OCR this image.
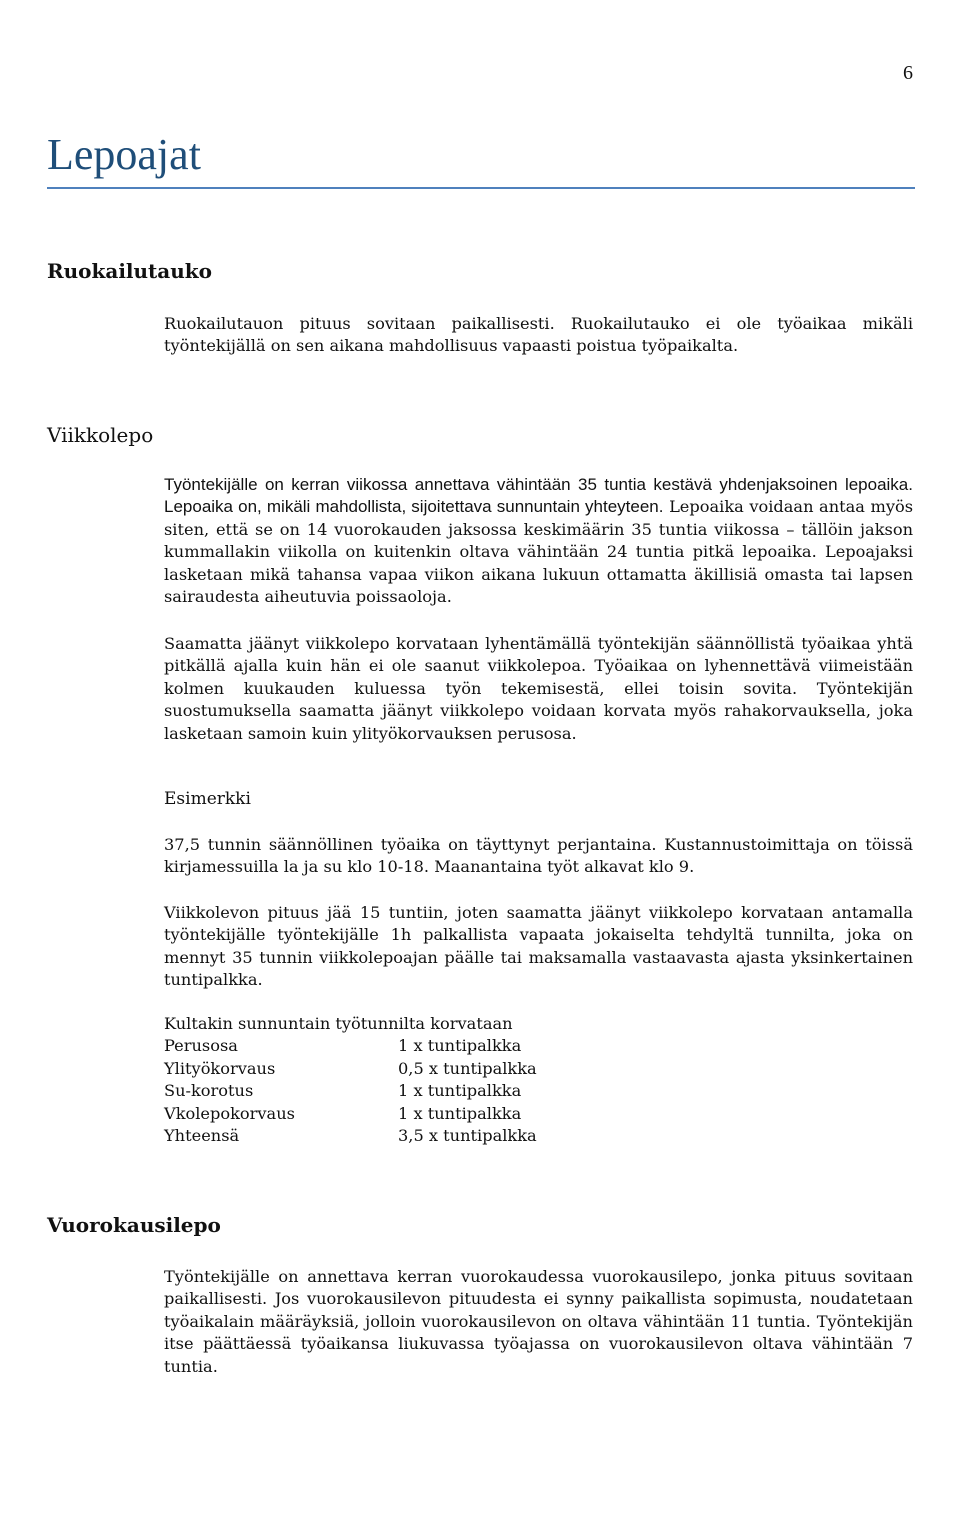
6
Lepoajat
Ruokailutauko

Ruokailutauon pituus sovitaan paikallisesti. Ruokailutauko ei ole työaikaa mikäli työntekijällä on sen aikana mahdollisuus vapaasti poistua työpaikalta.

Viikkolepo

Työntekijälle on kerran viikossa annettava vähintään 35 tuntia kestävä yhdenjaksoinen lepoaika. Lepoaika on, mikäli mahdollista, sijoitettava sunnuntain yhteyteen. Lepoaika voidaan antaa myös siten, että se on 14 vuorokauden jaksossa keskimäärin 35 tuntia viikossa – tällöin jakson kummallakin viikolla on kuitenkin oltava vähintään 24 tuntia pitkä lepoaika. Lepoajaksi lasketaan mikä tahansa vapaa viikon aikana lukuun ottamatta äkillisiä omasta tai lapsen sairaudesta aiheutuvia poissaoloja.

Saamatta jäänyt viikkolepo korvataan lyhentämällä työntekijän säännöllistä työaikaa yhtä pitkällä ajalla kuin hän ei ole saanut viikkolepoa. Työaikaa on lyhennettävä viimeistään kolmen kuukauden kuluessa työn tekemisestä, ellei toisin sovita. Työntekijän suostumuksella saamatta jäänyt viikkolepo voidaan korvata myös rahakorvauksella, joka lasketaan samoin kuin ylityökorvauksen perusosa.

Esimerkki

37,5 tunnin säännöllinen työaika on täyttynyt perjantaina. Kustannustoimittaja on töissä kirjamessuilla la ja su klo 10-18. Maanantaina työt alkavat klo 9.

Viikkolevon pituus jää 15 tuntiin, joten saamatta jäänyt viikkolepo korvataan antamalla työntekijälle työntekijälle 1h palkallista vapaata jokaiselta tehdyltä tunnilta, joka on mennyt 35 tunnin viikkolepoajan päälle tai maksamalla vastaavasta ajasta yksinkertainen tuntipalkka.

Kultakin sunnuntain työtunnilta korvataan
Perusosa	1 x tuntipalkka
Ylityökorvaus	0,5 x tuntipalkka
Su-korotus	1 x tuntipalkka
Vkolepokorvaus	1 x tuntipalkka
Yhteensä	3,5 x tuntipalkka
Vuorokausilepo

Työntekijälle on annettava kerran vuorokaudessa vuorokausilepo, jonka pituus sovitaan paikallisesti. Jos vuorokausilevon pituudesta ei synny paikallista sopimusta, noudatetaan työaikalain määräyksiä, jolloin vuorokausilevon on oltava vähintään 11 tuntia. Työntekijän itse päättäessä työaikansa liukuvassa työajassa on vuorokausilevon oltava vähintään 7 tuntia.
